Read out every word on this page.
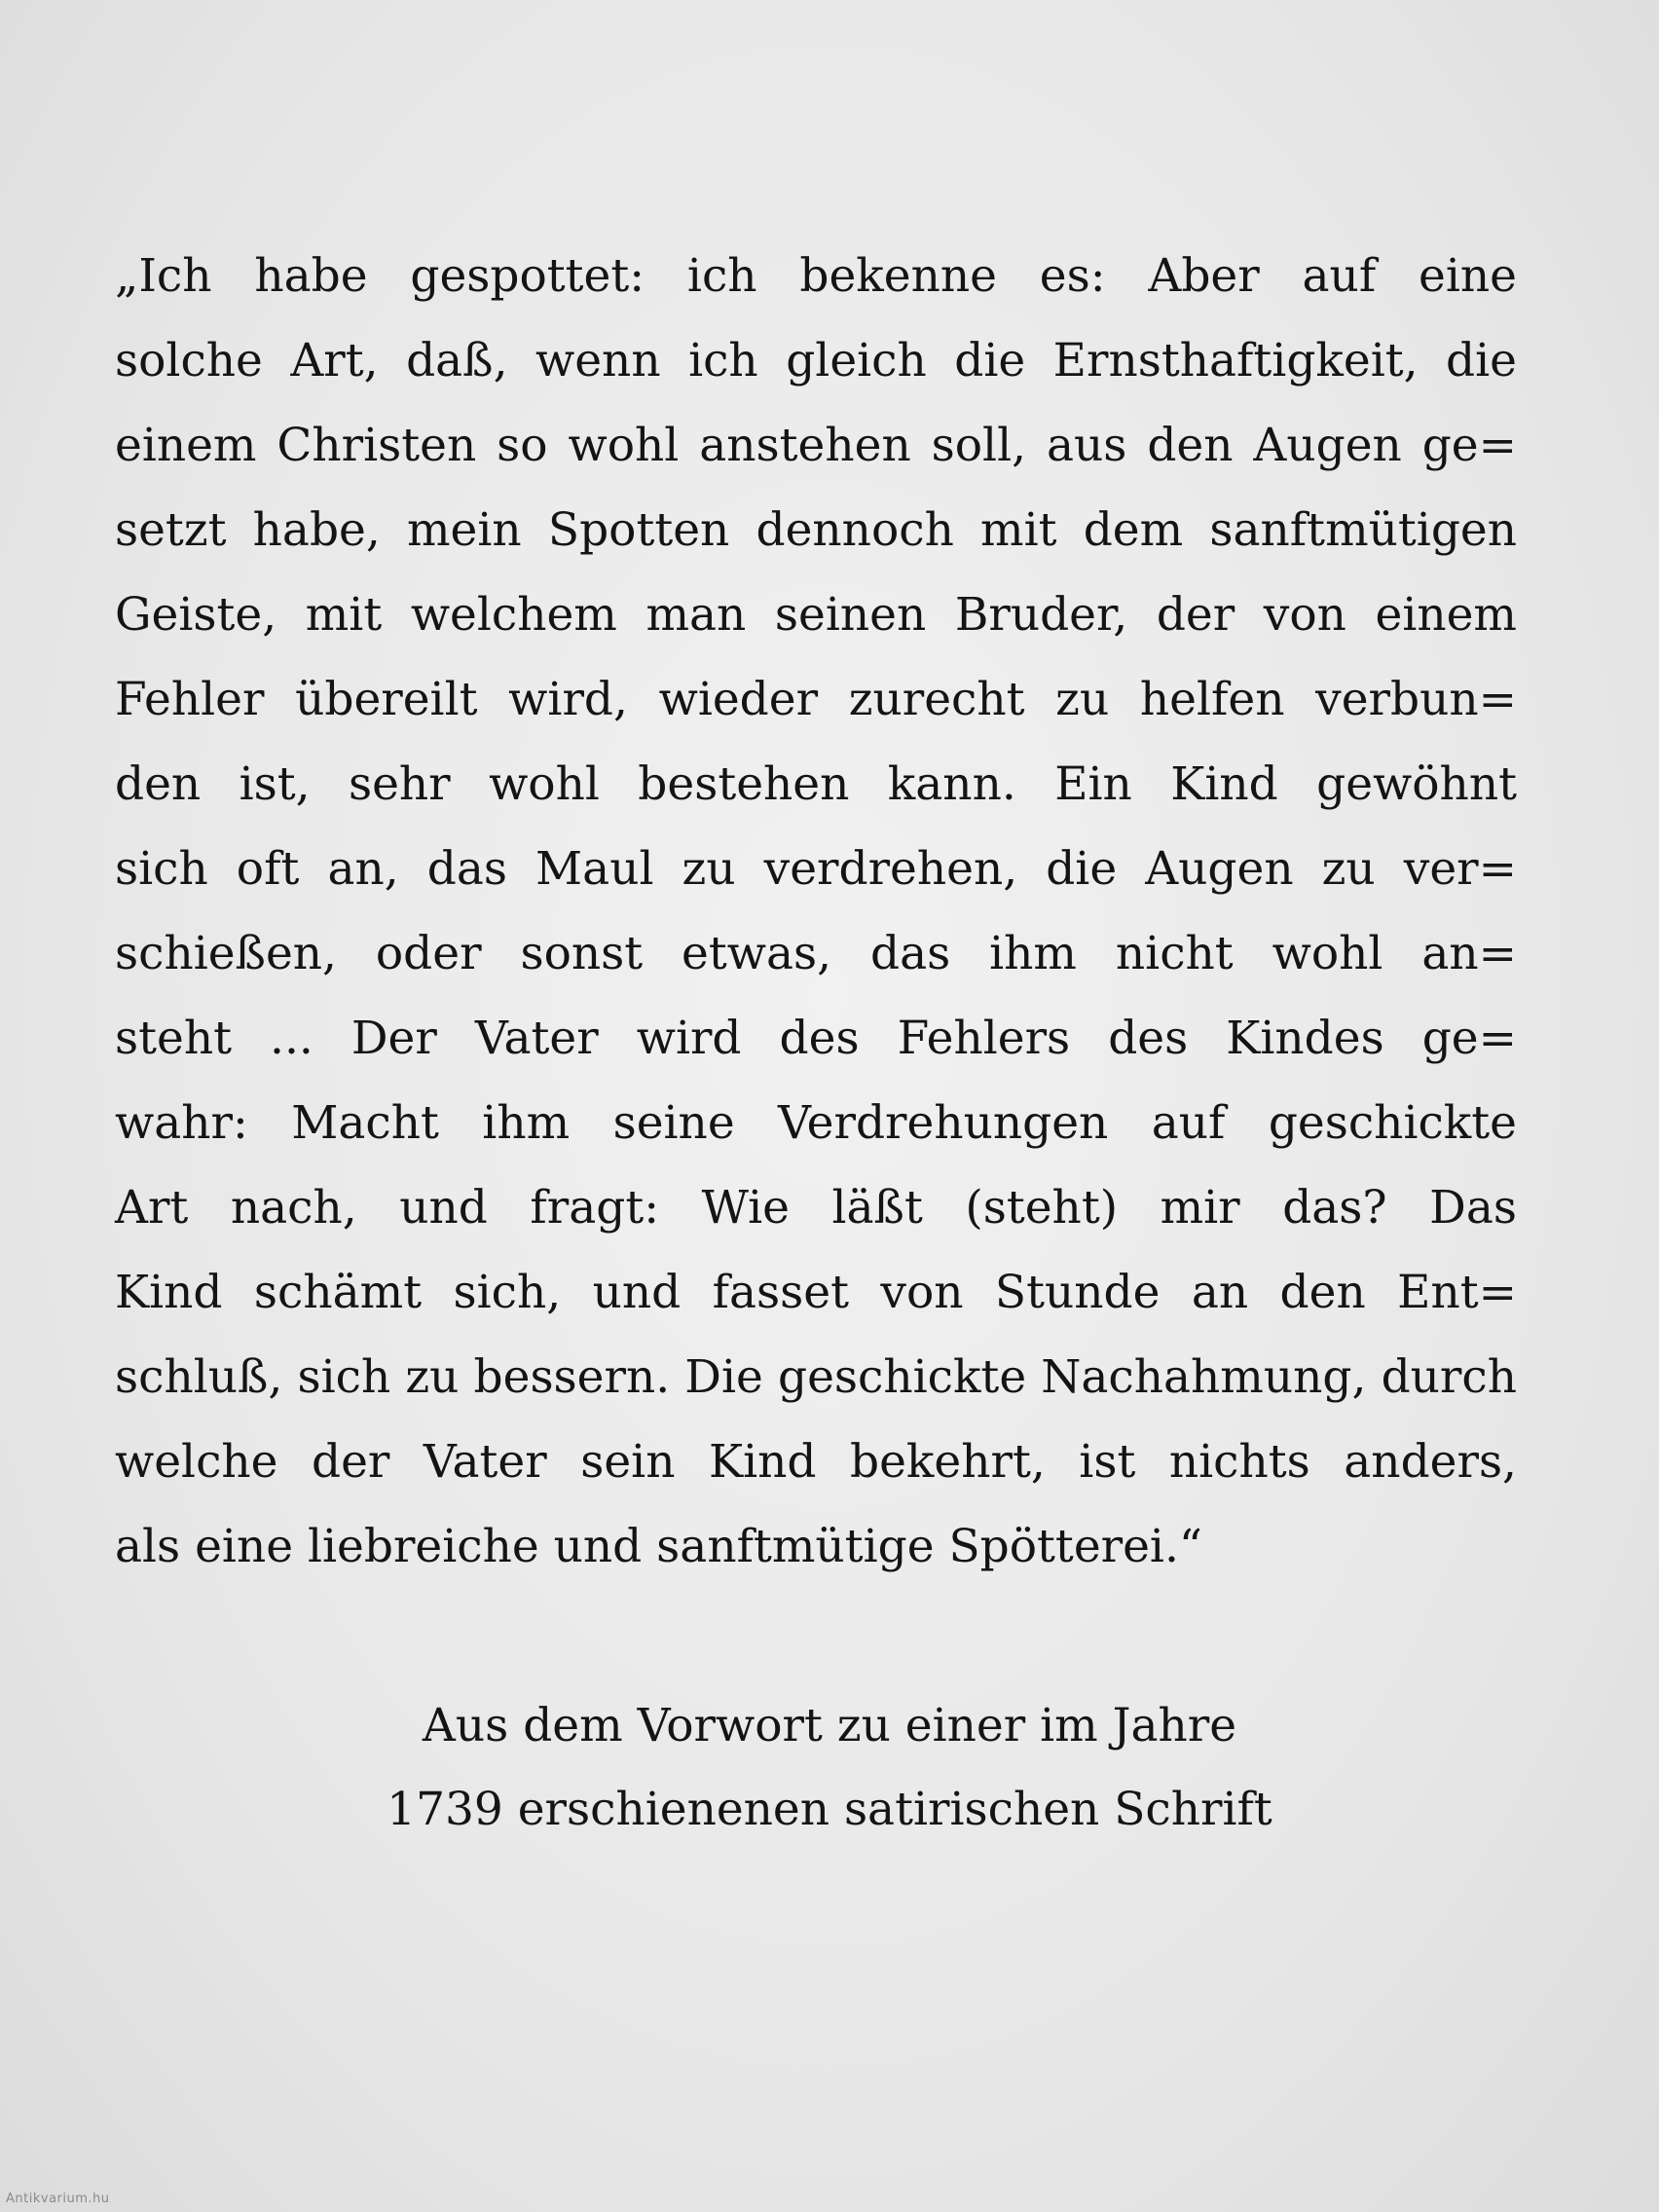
„Ich habe gespottet: ich bekenne es: Aber auf eine
solche Art, daß, wenn ich gleich die Ernsthaftigkeit, die
einem Christen so wohl anstehen soll, aus den Augen ge=
setzt habe, mein Spotten dennoch mit dem sanftmütigen
Geiste, mit welchem man seinen Bruder, der von einem
Fehler übereilt wird, wieder zurecht zu helfen verbun=
den ist, sehr wohl bestehen kann. Ein Kind gewöhnt
sich oft an, das Maul zu verdrehen, die Augen zu ver=
schießen, oder sonst etwas, das ihm nicht wohl an=
steht ... Der Vater wird des Fehlers des Kindes ge=
wahr: Macht ihm seine Verdrehungen auf geschickte
Art nach, und fragt: Wie läßt (steht) mir das? Das
Kind schämt sich, und fasset von Stunde an den Ent=
schluß, sich zu bessern. Die geschickte Nachahmung, durch
welche der Vater sein Kind bekehrt, ist nichts anders,
als eine liebreiche und sanftmütige Spötterei.“
Aus dem Vorwort zu einer im Jahre
1739 erschienenen satirischen Schrift
Antikvarium.hu
